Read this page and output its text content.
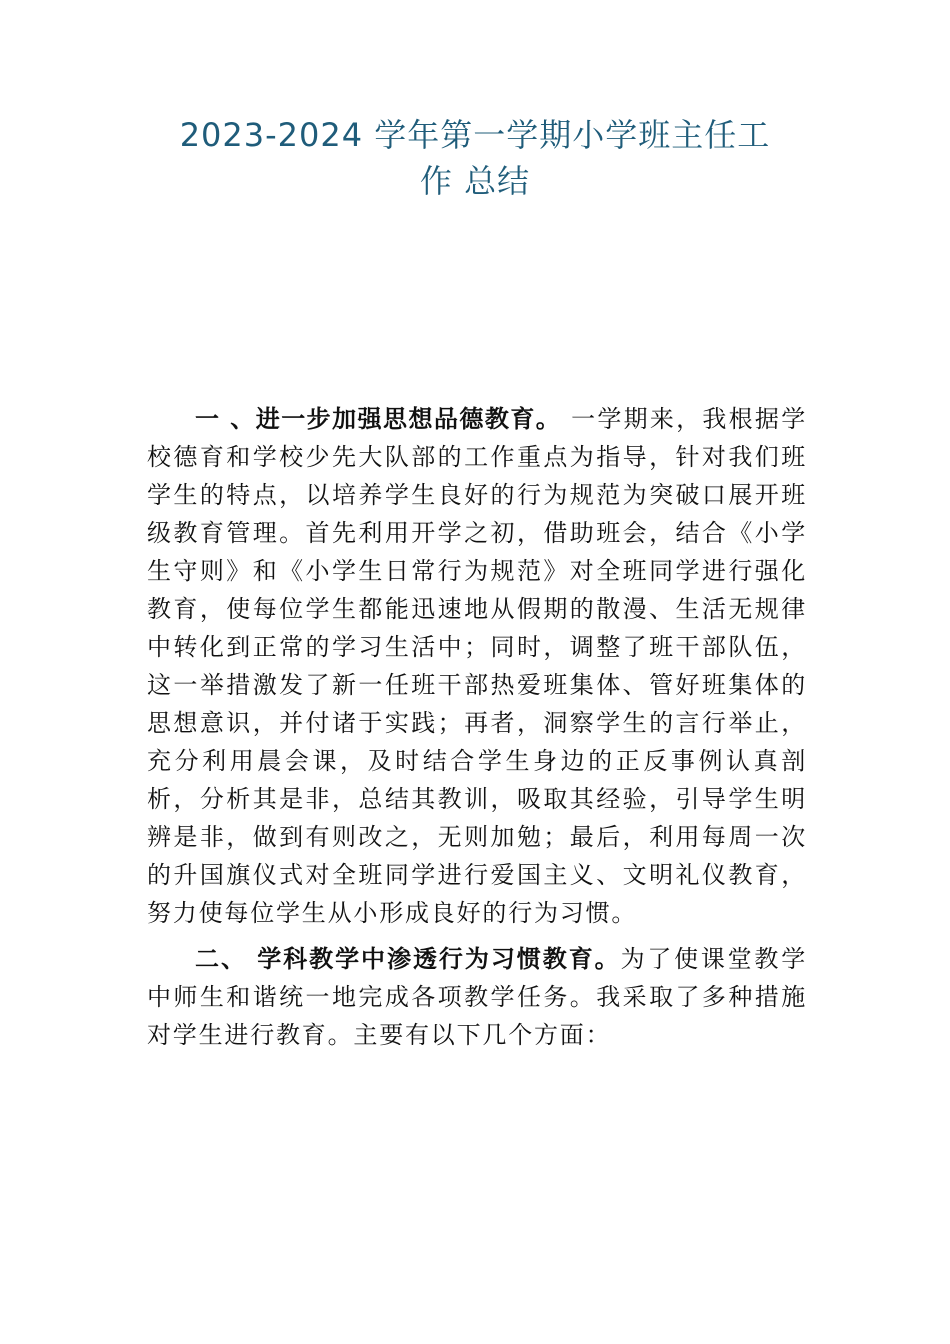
2023-2024 学年第一学期小学班主任工
作 总结

一 、进一步加强思想品德教育。 一学期来，我根据学校德育和学校少先大队部的工作重点为指导，针对我们班学生的特点，以培养学生良好的行为规范为突破口展开班级教育管理。首先利用开学之初，借助班会，结合《小学生守则》和《小学生日常行为规范》对全班同学进行强化教育，使每位学生都能迅速地从假期的散漫、生活无规律中转化到正常的学习生活中；同时，调整了班干部队伍，这一举措激发了新一任班干部热爱班集体、管好班集体的思想意识，并付诸于实践；再者，洞察学生的言行举止，充分利用晨会课，及时结合学生身边的正反事例认真剖析，分析其是非，总结其教训，吸取其经验，引导学生明辨是非，做到有则改之，无则加勉；最后，利用每周一次的升国旗仪式对全班同学进行爱国主义、文明礼仪教育，努力使每位学生从小形成良好的行为习惯。

二、 学科教学中渗透行为习惯教育。为了使课堂教学中师生和谐统一地完成各项教学任务。我采取了多种措施对学生进行教育。主要有以下几个方面：
